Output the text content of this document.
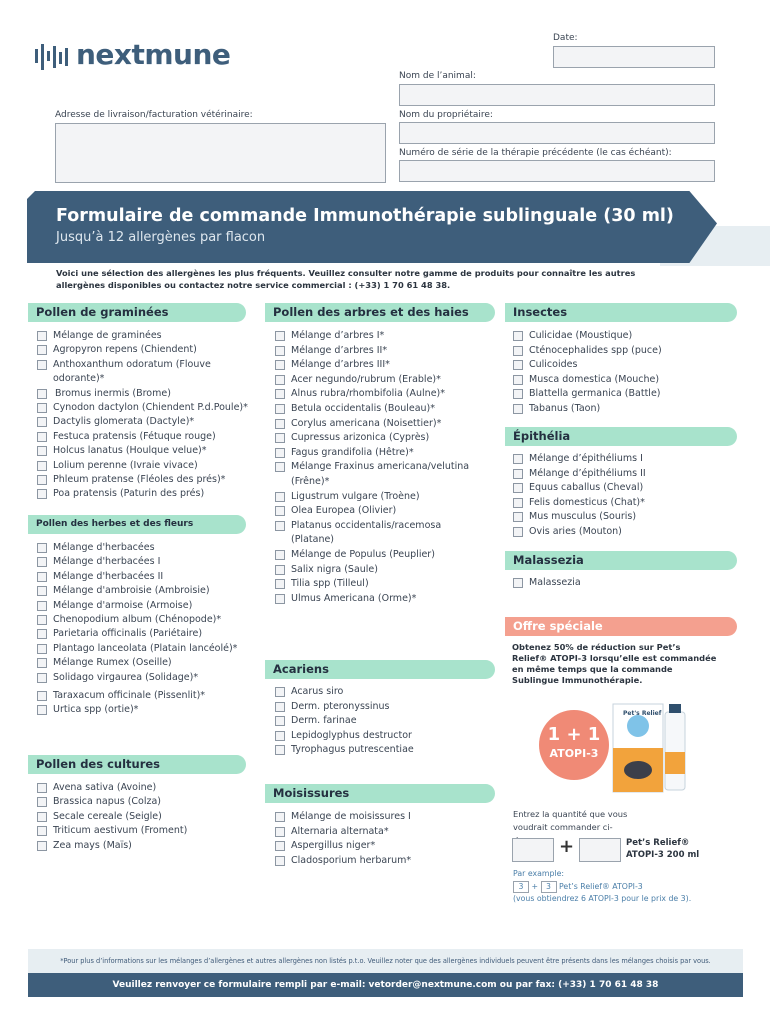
nextmune	Date:
Nom de l’animal:
Adresse de livraison/facturation vétérinaire:	Nom du propriétaire:
Numéro de série de la thérapie précédente (le cas échéant):
Formulaire de commande Immunothérapie sublinguale (30 ml)
Jusqu’à 12 allergènes par flacon
Voici une sélection des allergènes les plus fréquents. Veuillez consulter notre gamme de produits pour connaître les autres allergènes disponibles ou contactez notre service commercial : (+33) 1 70 61 48 38.
Pollen de graminées
Pollen des herbes et des fleurs
Pollen des cultures
Pollen des arbres et des haies
Acariens
Moisissures
Insectes
Épithélia
Malassezia
Offre spéciale
Mélange de graminées
Agropyron repens (Chiendent)
Anthoxanthum odoratum (Flouve
odorante)*
Bromus inermis (Brome)
Cynodon dactylon (Chiendent P.d.Poule)*
Dactylis glomerata (Dactyle)*
Festuca pratensis (Fétuque rouge)
Holcus lanatus (Houlque velue)*
Lolium perenne (Ivraie vivace)
Phleum pratense (Fléoles des prés)*
Poa pratensis (Paturin des prés)
Mélange d'herbacées
Mélange d'herbacées I
Mélange d'herbacées II
Mélange d'ambroisie (Ambroisie)
Mélange d'armoise (Armoise)
Chenopodium album (Chénopode)*
Parietaria officinalis (Pariétaire)
Plantago lanceolata (Platain lancéolé)*
Mélange Rumex (Oseille)
Solidago virgaurea (Solidage)*
Taraxacum officinale (Pissenlit)*
Urtica spp (ortie)*
Avena sativa (Avoine)
Brassica napus (Colza)
Secale cereale (Seigle)
Triticum aestivum (Froment)
Zea mays (Maïs)
Mélange d’arbres I*
Mélange d’arbres II*
Mélange d’arbres III*
Acer negundo/rubrum (Erable)*
Alnus rubra/rhombifolia (Aulne)*
Betula occidentalis (Bouleau)*
Corylus americana (Noisettier)*
Cupressus arizonica (Cyprès)
Fagus grandifolia (Hêtre)*
Mélange Fraxinus americana/velutina
(Frêne)*
Ligustrum vulgare (Troène)
Olea Europea (Olivier)
Platanus occidentalis/racemosa
(Platane)
Mélange de Populus (Peuplier)
Salix nigra (Saule)
Tilia spp (Tilleul)
Ulmus Americana (Orme)*
Acarus siro
Derm. pteronyssinus
Derm. farinae
Lepidoglyphus destructor
Tyrophagus putrescentiae
Mélange de moisissures I
Alternaria alternata*
Aspergillus niger*
Cladosporium herbarum*
Culicidae (Moustique)
Cténocephalides spp (puce)
Culicoides
Musca domestica (Mouche)
Blattella germanica (Battle)
Tabanus (Taon)
Mélange d’épithéliums I
Mélange d’épithéliums II
Equus caballus (Cheval)
Felis domesticus (Chat)*
Mus musculus (Souris)
Ovis aries (Mouton)
Malassezia
Obtenez 50% de réduction sur Pet’s Relief® ATOPI-3 lorsqu’elle est commandée en même temps que la commande Sublingue Immunothérapie.
1 + 1
ATOPI-3
Pet's Relief
Entrez la quantité que vous voudrait commander ci-
+	Pet’s Relief®
ATOPI-3 200 ml
Par example:
3 + 3 Pet’s Relief® ATOPI-3
(vous obtiendrez 6 ATOPI-3 pour le prix de 3).
*Pour plus d’informations sur les mélanges d’allergènes et autres allergènes non listés p.t.o. Veuillez noter que des allergènes individuels peuvent être présents dans les mélanges choisis par vous.
Veuillez renvoyer ce formulaire rempli par e-mail: vetorder@nextmune.com ou par fax: (+33) 1 70 61 48 38
